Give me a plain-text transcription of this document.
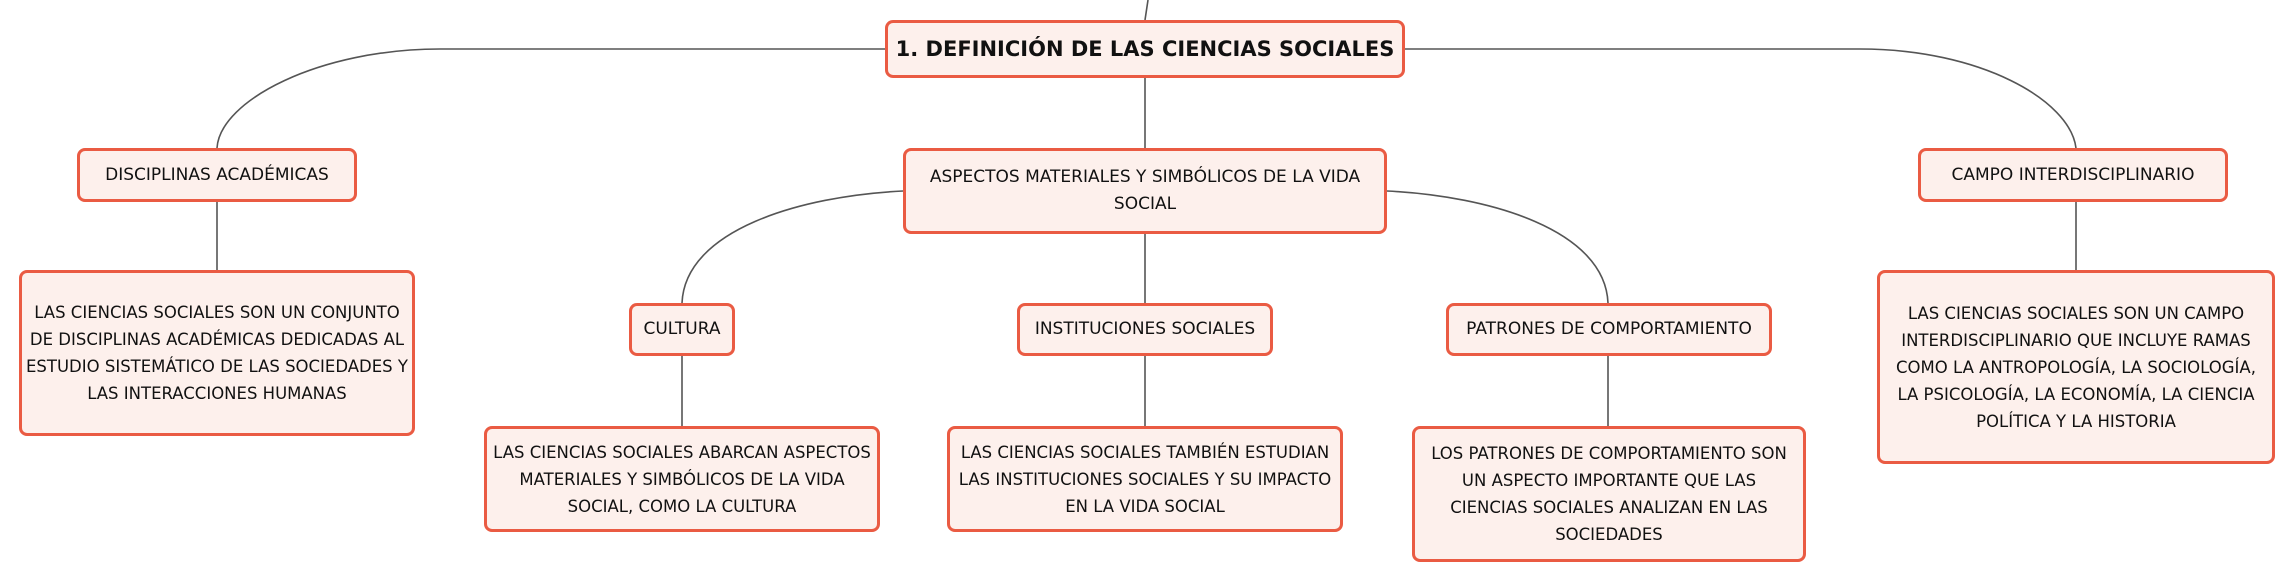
1. DEFINICIÓN DE LAS CIENCIAS SOCIALES
DISCIPLINAS ACADÉMICAS
LAS CIENCIAS SOCIALES SON UN CONJUNTO DE DISCIPLINAS ACADÉMICAS DEDICADAS AL ESTUDIO SISTEMÁTICO DE LAS SOCIEDADES Y LAS INTERACCIONES HUMANAS
ASPECTOS MATERIALES Y SIMBÓLICOS DE LA VIDA SOCIAL
CULTURA
LAS CIENCIAS SOCIALES ABARCAN ASPECTOS MATERIALES Y SIMBÓLICOS DE LA VIDA SOCIAL, COMO LA CULTURA
INSTITUCIONES SOCIALES
LAS CIENCIAS SOCIALES TAMBIÉN ESTUDIAN LAS INSTITUCIONES SOCIALES Y SU IMPACTO EN LA VIDA SOCIAL
PATRONES DE COMPORTAMIENTO
LOS PATRONES DE COMPORTAMIENTO SON UN ASPECTO IMPORTANTE QUE LAS CIENCIAS SOCIALES ANALIZAN EN LAS SOCIEDADES
CAMPO INTERDISCIPLINARIO
LAS CIENCIAS SOCIALES SON UN CAMPO INTERDISCIPLINARIO QUE INCLUYE RAMAS COMO LA ANTROPOLOGÍA, LA SOCIOLOGÍA, LA PSICOLOGÍA, LA ECONOMÍA, LA CIENCIA POLÍTICA Y LA HISTORIA
